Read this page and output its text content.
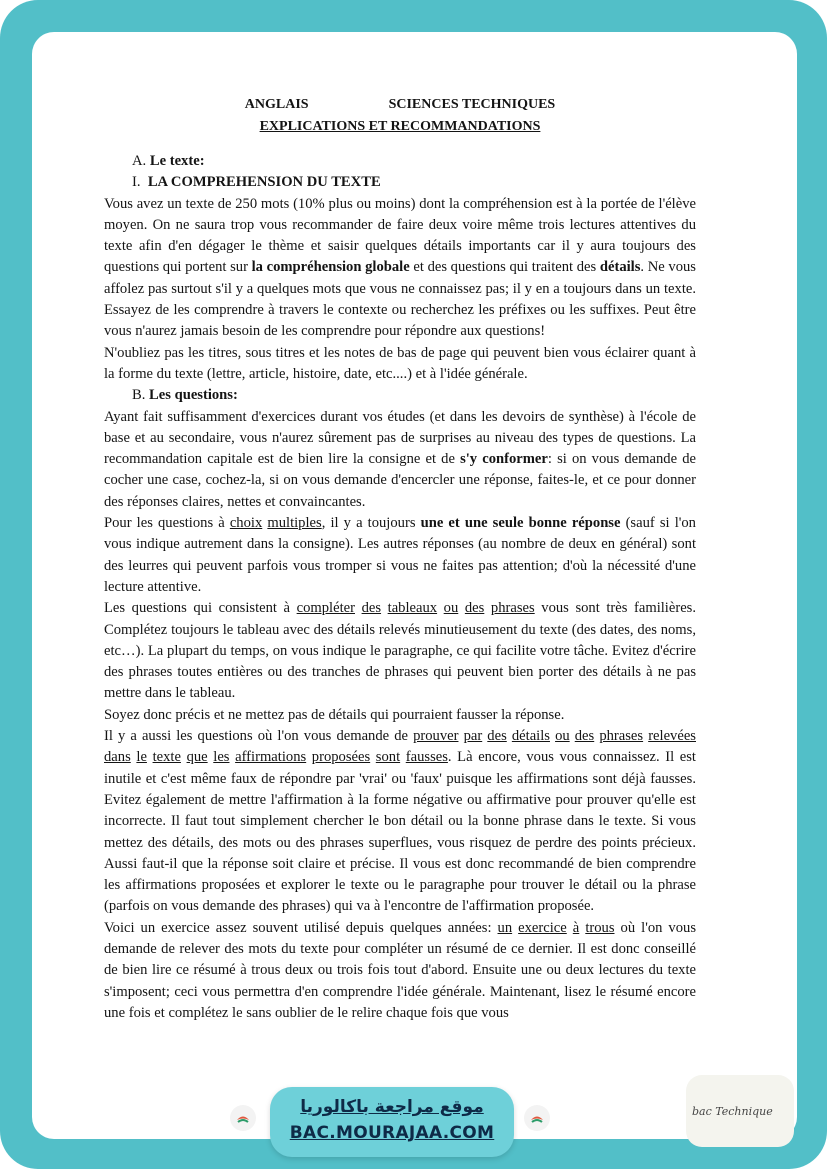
ANGLAIS	SCIENCES TECHNIQUES
EXPLICATIONS ET RECOMMANDATIONS
A. Le texte:
I. LA COMPREHENSION DU TEXTE

Vous avez un texte de 250 mots (10% plus ou moins) dont la compréhension est à la portée de l'élève moyen. On ne saura trop vous recommander de faire deux voire même trois lectures attentives du texte afin d'en dégager le thème et saisir quelques détails importants car il y aura toujours des questions qui portent sur la compréhension globale et des questions qui traitent des détails. Ne vous affolez pas surtout s'il y a quelques mots que vous ne connaissez pas; il y en a toujours dans un texte. Essayez de les comprendre à travers le contexte ou recherchez les préfixes ou les suffixes. Peut être vous n'aurez jamais besoin de les comprendre pour répondre aux questions!

N'oubliez pas les titres, sous titres et les notes de bas de page qui peuvent bien vous éclairer quant à la forme du texte (lettre, article, histoire, date, etc....) et à l'idée générale.

B. Les questions:

Ayant fait suffisamment d'exercices durant vos études (et dans les devoirs de synthèse) à l'école de base et au secondaire, vous n'aurez sûrement pas de surprises au niveau des types de questions. La recommandation capitale est de bien lire la consigne et de s'y conformer: si on vous demande de cocher une case, cochez-la, si on vous demande d'encercler une réponse, faites-le, et ce pour donner des réponses claires, nettes et convaincantes.

Pour les questions à choix multiples, il y a toujours une et une seule bonne réponse (sauf si l'on vous indique autrement dans la consigne). Les autres réponses (au nombre de deux en général) sont des leurres qui peuvent parfois vous tromper si vous ne faites pas attention; d'où la nécessité d'une lecture attentive.

Les questions qui consistent à compléter des tableaux ou des phrases vous sont très familières. Complétez toujours le tableau avec des détails relevés minutieusement du texte (des dates, des noms, etc…). La plupart du temps, on vous indique le paragraphe, ce qui facilite votre tâche. Evitez d'écrire des phrases toutes entières ou des tranches de phrases qui peuvent bien porter des détails à ne pas mettre dans le tableau.

Soyez donc précis et ne mettez pas de détails qui pourraient fausser la réponse.

Il y a aussi les questions où l'on vous demande de prouver par des détails ou des phrases relevées dans le texte que les affirmations proposées sont fausses. Là encore, vous vous connaissez. Il est inutile et c'est même faux de répondre par 'vrai' ou 'faux' puisque les affirmations sont déjà fausses. Evitez également de mettre l'affirmation à la forme négative ou affirmative pour prouver qu'elle est incorrecte. Il faut tout simplement chercher le bon détail ou la bonne phrase dans le texte. Si vous mettez des détails, des mots ou des phrases superflues, vous risquez de perdre des points précieux. Aussi faut-il que la réponse soit claire et précise. Il vous est donc recommandé de bien comprendre les affirmations proposées et explorer le texte ou le paragraphe pour trouver le détail ou la phrase (parfois on vous demande des phrases) qui va à l'encontre de l'affirmation proposée.

Voici un exercice assez souvent utilisé depuis quelques années: un exercice à trous où l'on vous demande de relever des mots du texte pour compléter un résumé de ce dernier. Il est donc conseillé de bien lire ce résumé à trous deux ou trois fois tout d'abord. Ensuite une ou deux lectures du texte s'imposent; ceci vous permettra d'en comprendre l'idée générale. Maintenant, lisez le résumé encore une fois et complétez le sans oublier de le relire chaque fois que vous

موقع مراجعة باكالوريا
BAC.MOURAJAA.COM
bac Technique
